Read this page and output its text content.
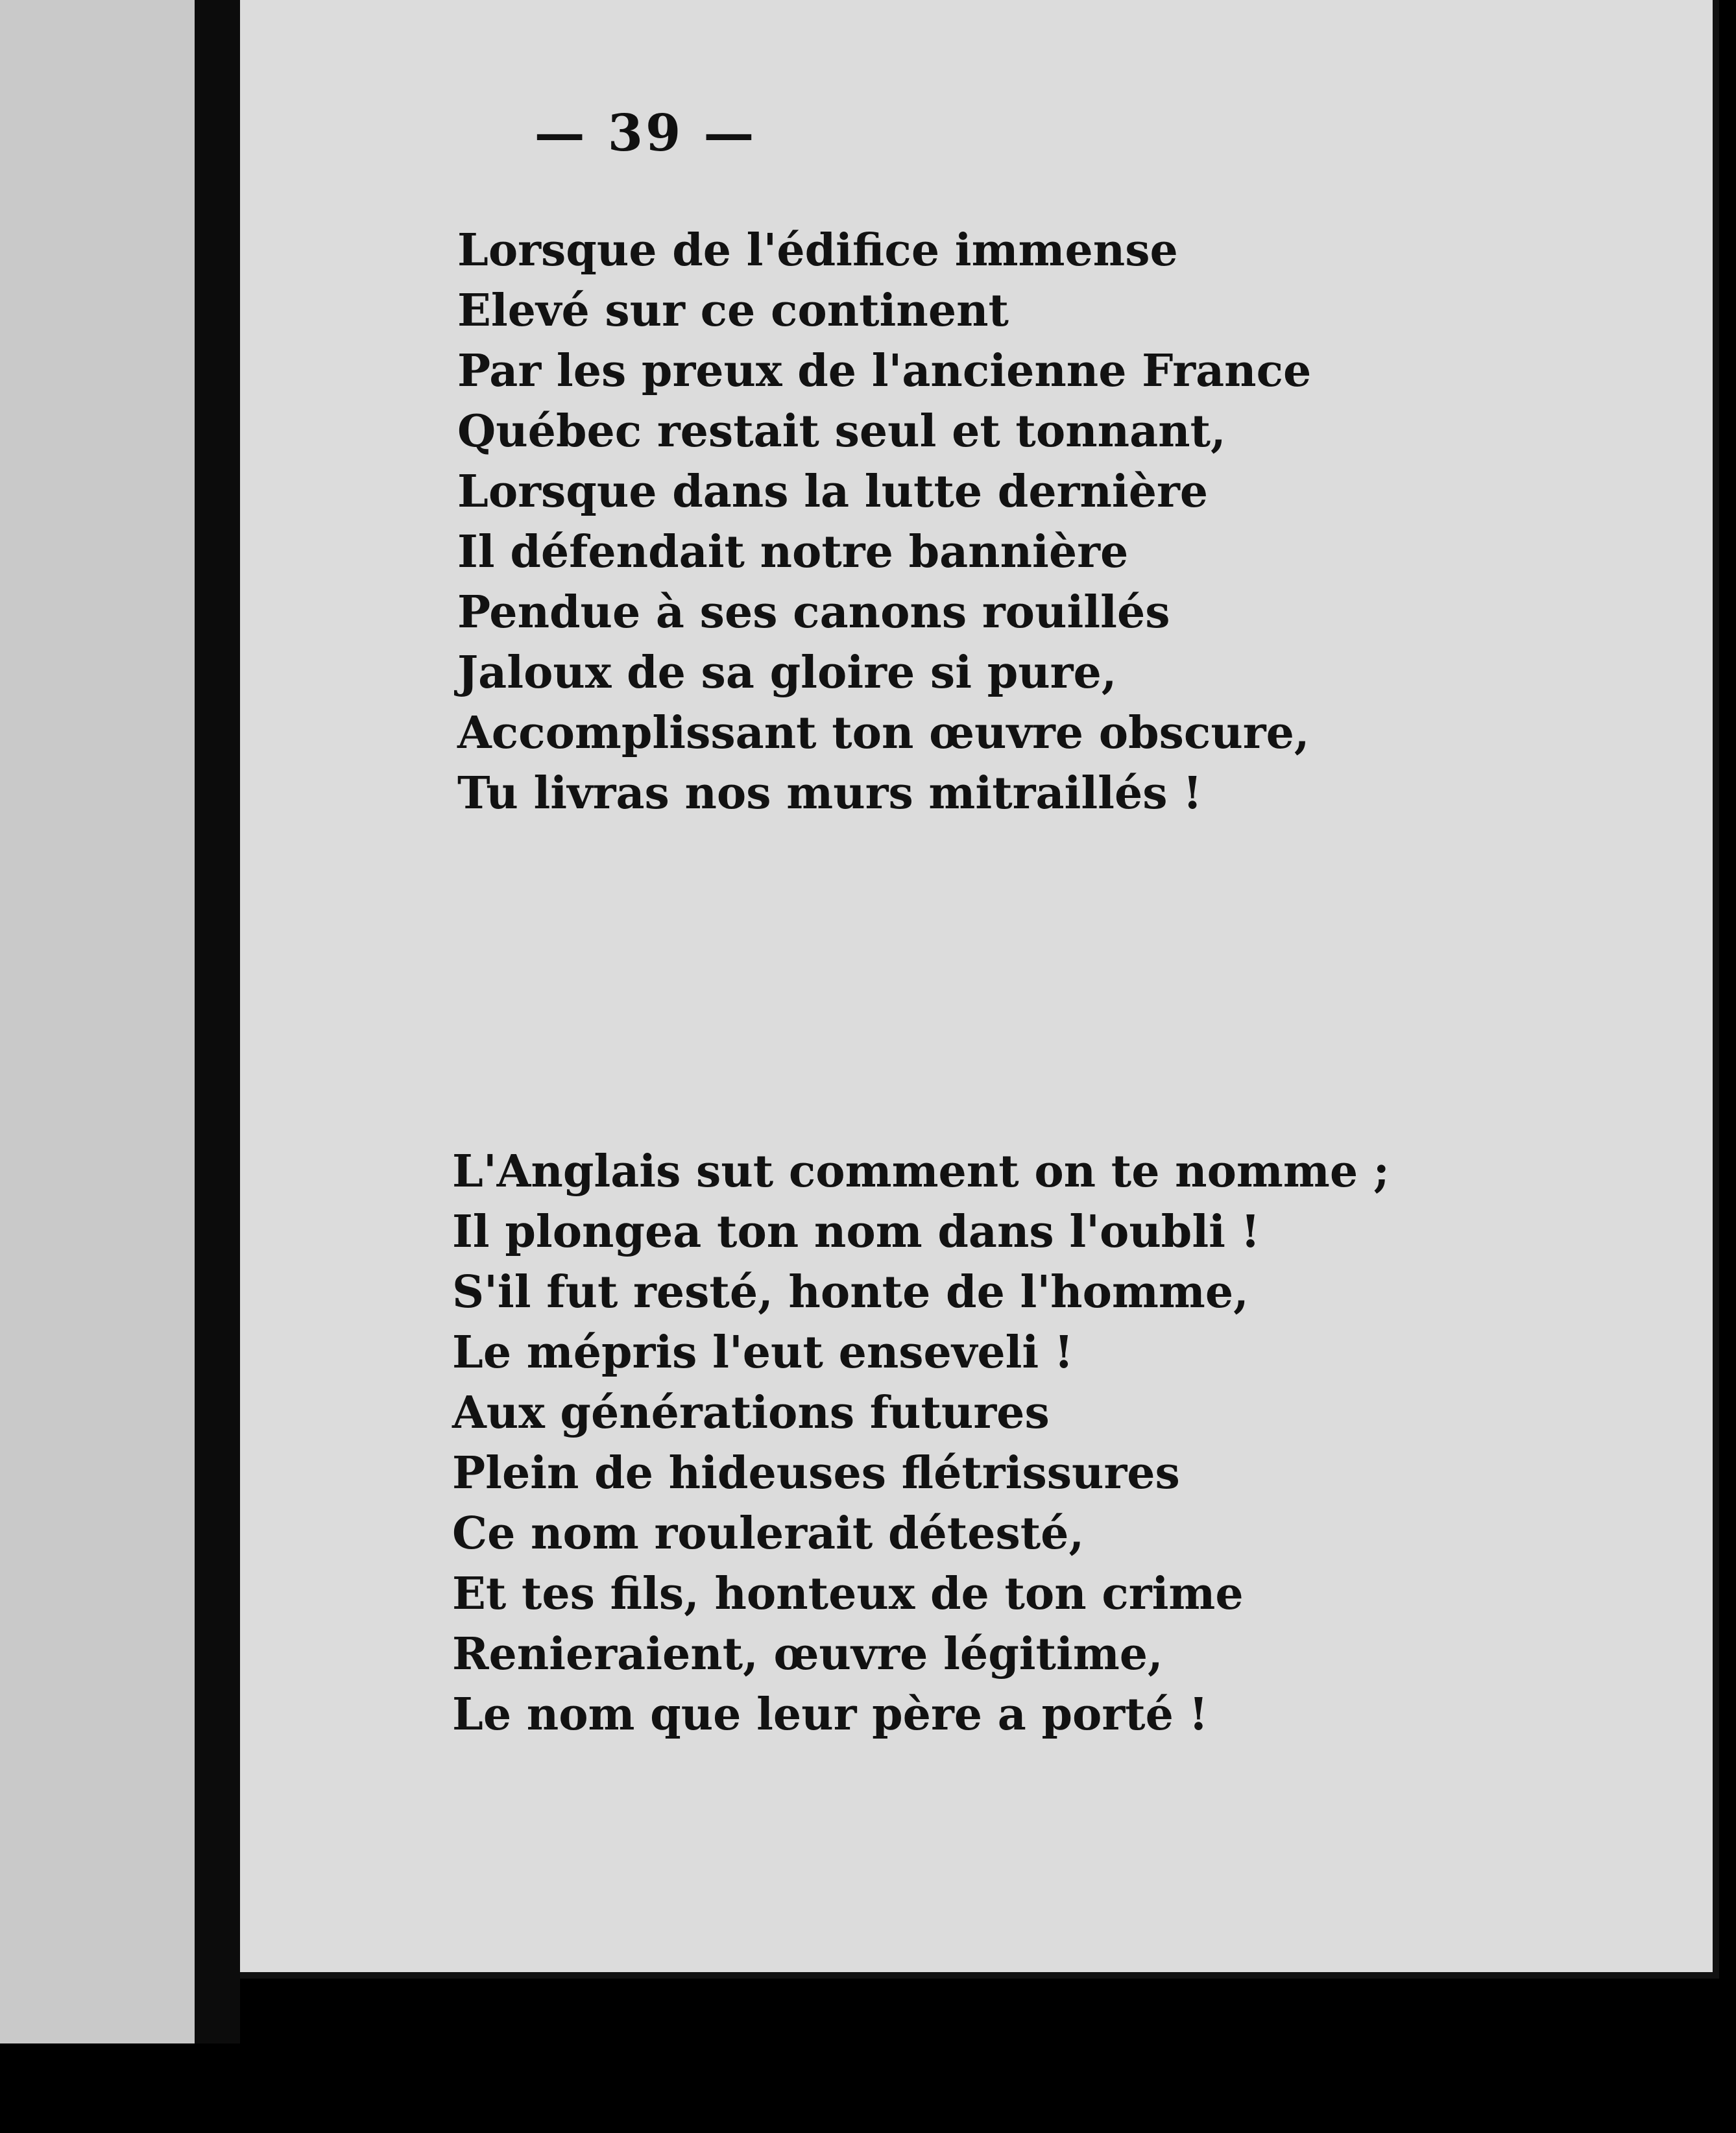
— 39 —
Lorsque de l'édifice immense
Elevé sur ce continent
Par les preux de l'ancienne France
Québec restait seul et tonnant,
Lorsque dans la lutte dernière
Il défendait notre bannière
Pendue à ses canons rouillés
Jaloux de sa gloire si pure,
Accomplissant ton œuvre obscure,
Tu livras nos murs mitraillés !
L'Anglais sut comment on te nomme ;
Il plongea ton nom dans l'oubli !
S'il fut resté, honte de l'homme,
Le mépris l'eut enseveli !
Aux générations futures
Plein de hideuses flétrissures
Ce nom roulerait détesté,
Et tes fils, honteux de ton crime
Renieraient, œuvre légitime,
Le nom que leur père a porté !
